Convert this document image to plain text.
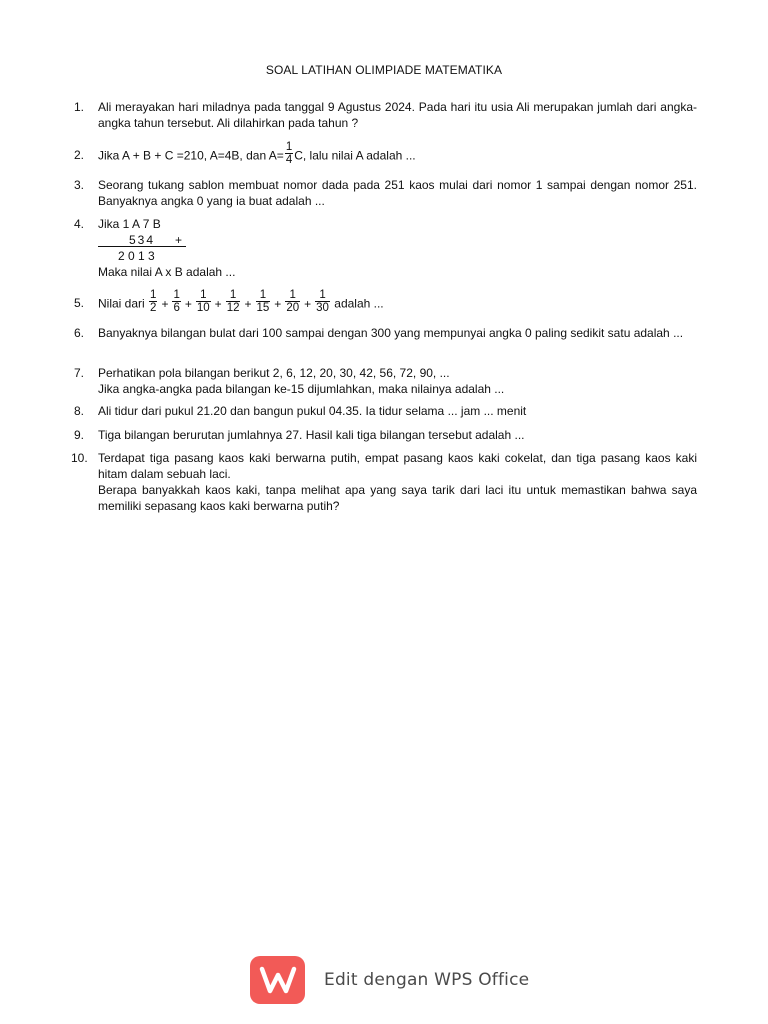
SOAL LATIHAN OLIMPIADE MATEMATIKA
1. Ali merayakan hari miladnya pada tanggal 9 Agustus 2024. Pada hari itu usia Ali merupakan jumlah dari angka-angka tahun tersebut. Ali dilahirkan pada tahun ?
2. Jika A + B + C =210, A=4B, dan $A= \frac{1}{4} C$, lalu nilai A adalah ...
3. Seorang tukang sablon membuat nomor dada pada 251 kaos mulai dari nomor 1 sampai dengan nomor 251. Banyaknya angka 0 yang ia buat adalah ...
4. Jika 1 A 7 B
534 +
2 0 1 3
Maka nilai A x B adalah ...
5. Nilai dari $\frac{1}{2} + \frac{1}{6} + \frac{1}{10} + \frac{1}{12} + \frac{1}{15} + \frac{1}{20} + \frac{1}{30}$ adalah ...
6. Banyaknya bilangan bulat dari 100 sampai dengan 300 yang mempunyai angka 0 paling sedikit satu adalah ...
7. Perhatikan pola bilangan berikut 2, 6, 12, 20, 30, 42, 56, 72, 90, ...
Jika angka-angka pada bilangan ke-15 dijumlahkan, maka nilainya adalah ...
8. Ali tidur dari pukul 21.20 dan bangun pukul 04.35. Ia tidur selama ... jam ... menit
9. Tiga bilangan berurutan jumlahnya 27. Hasil kali tiga bilangan tersebut adalah ...
10. Terdapat tiga pasang kaos kaki berwarna putih, empat pasang kaos kaki cokelat, dan tiga pasang kaos kaki hitam dalam sebuah laci.
Berapa banyakkah kaos kaki, tanpa melihat apa yang saya tarik dari laci itu untuk memastikan bahwa saya memiliki sepasang kaos kaki berwarna putih?
Edit dengan WPS Office
